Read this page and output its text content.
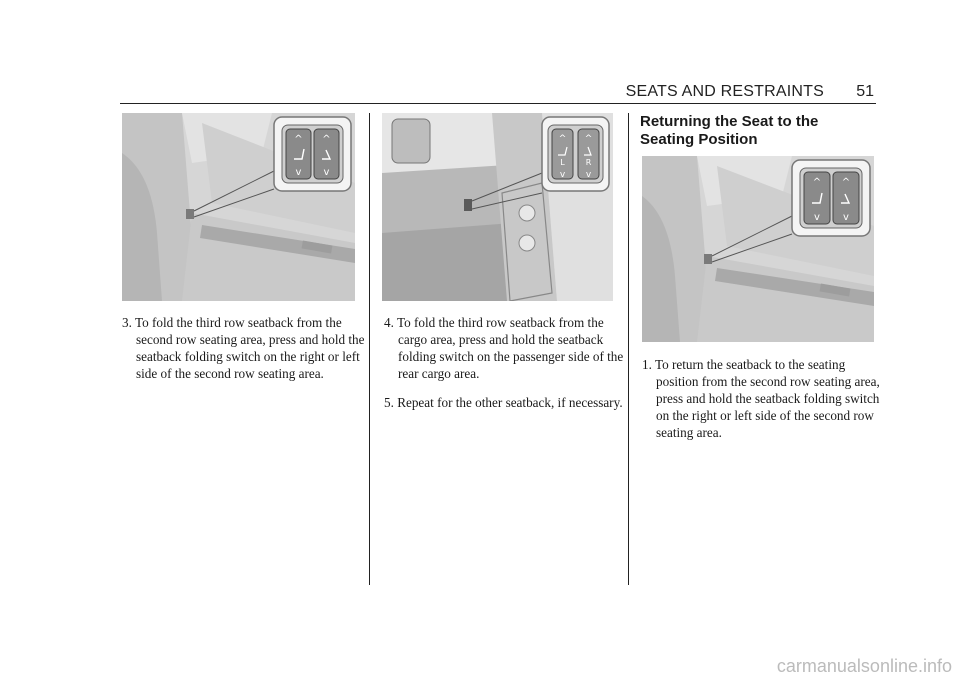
SEATS AND RESTRAINTS 51
^ ^
v v
^ ^
v v
L	R
^ ^
v v

3. To fold the third row seatback from the second row seating area, press and hold the seatback folding switch on the right or left side of the second row seating area.

4. To fold the third row seatback from the cargo area, press and hold the seatback folding switch on the passenger side of the rear cargo area.

5. Repeat for the other seatback, if necessary.

Returning the Seat to the Seating Position

1. To return the seatback to the seating position from the second row seating area, press and hold the seatback folding switch on the right or left side of the second row seating area.

carmanualsonline.info
